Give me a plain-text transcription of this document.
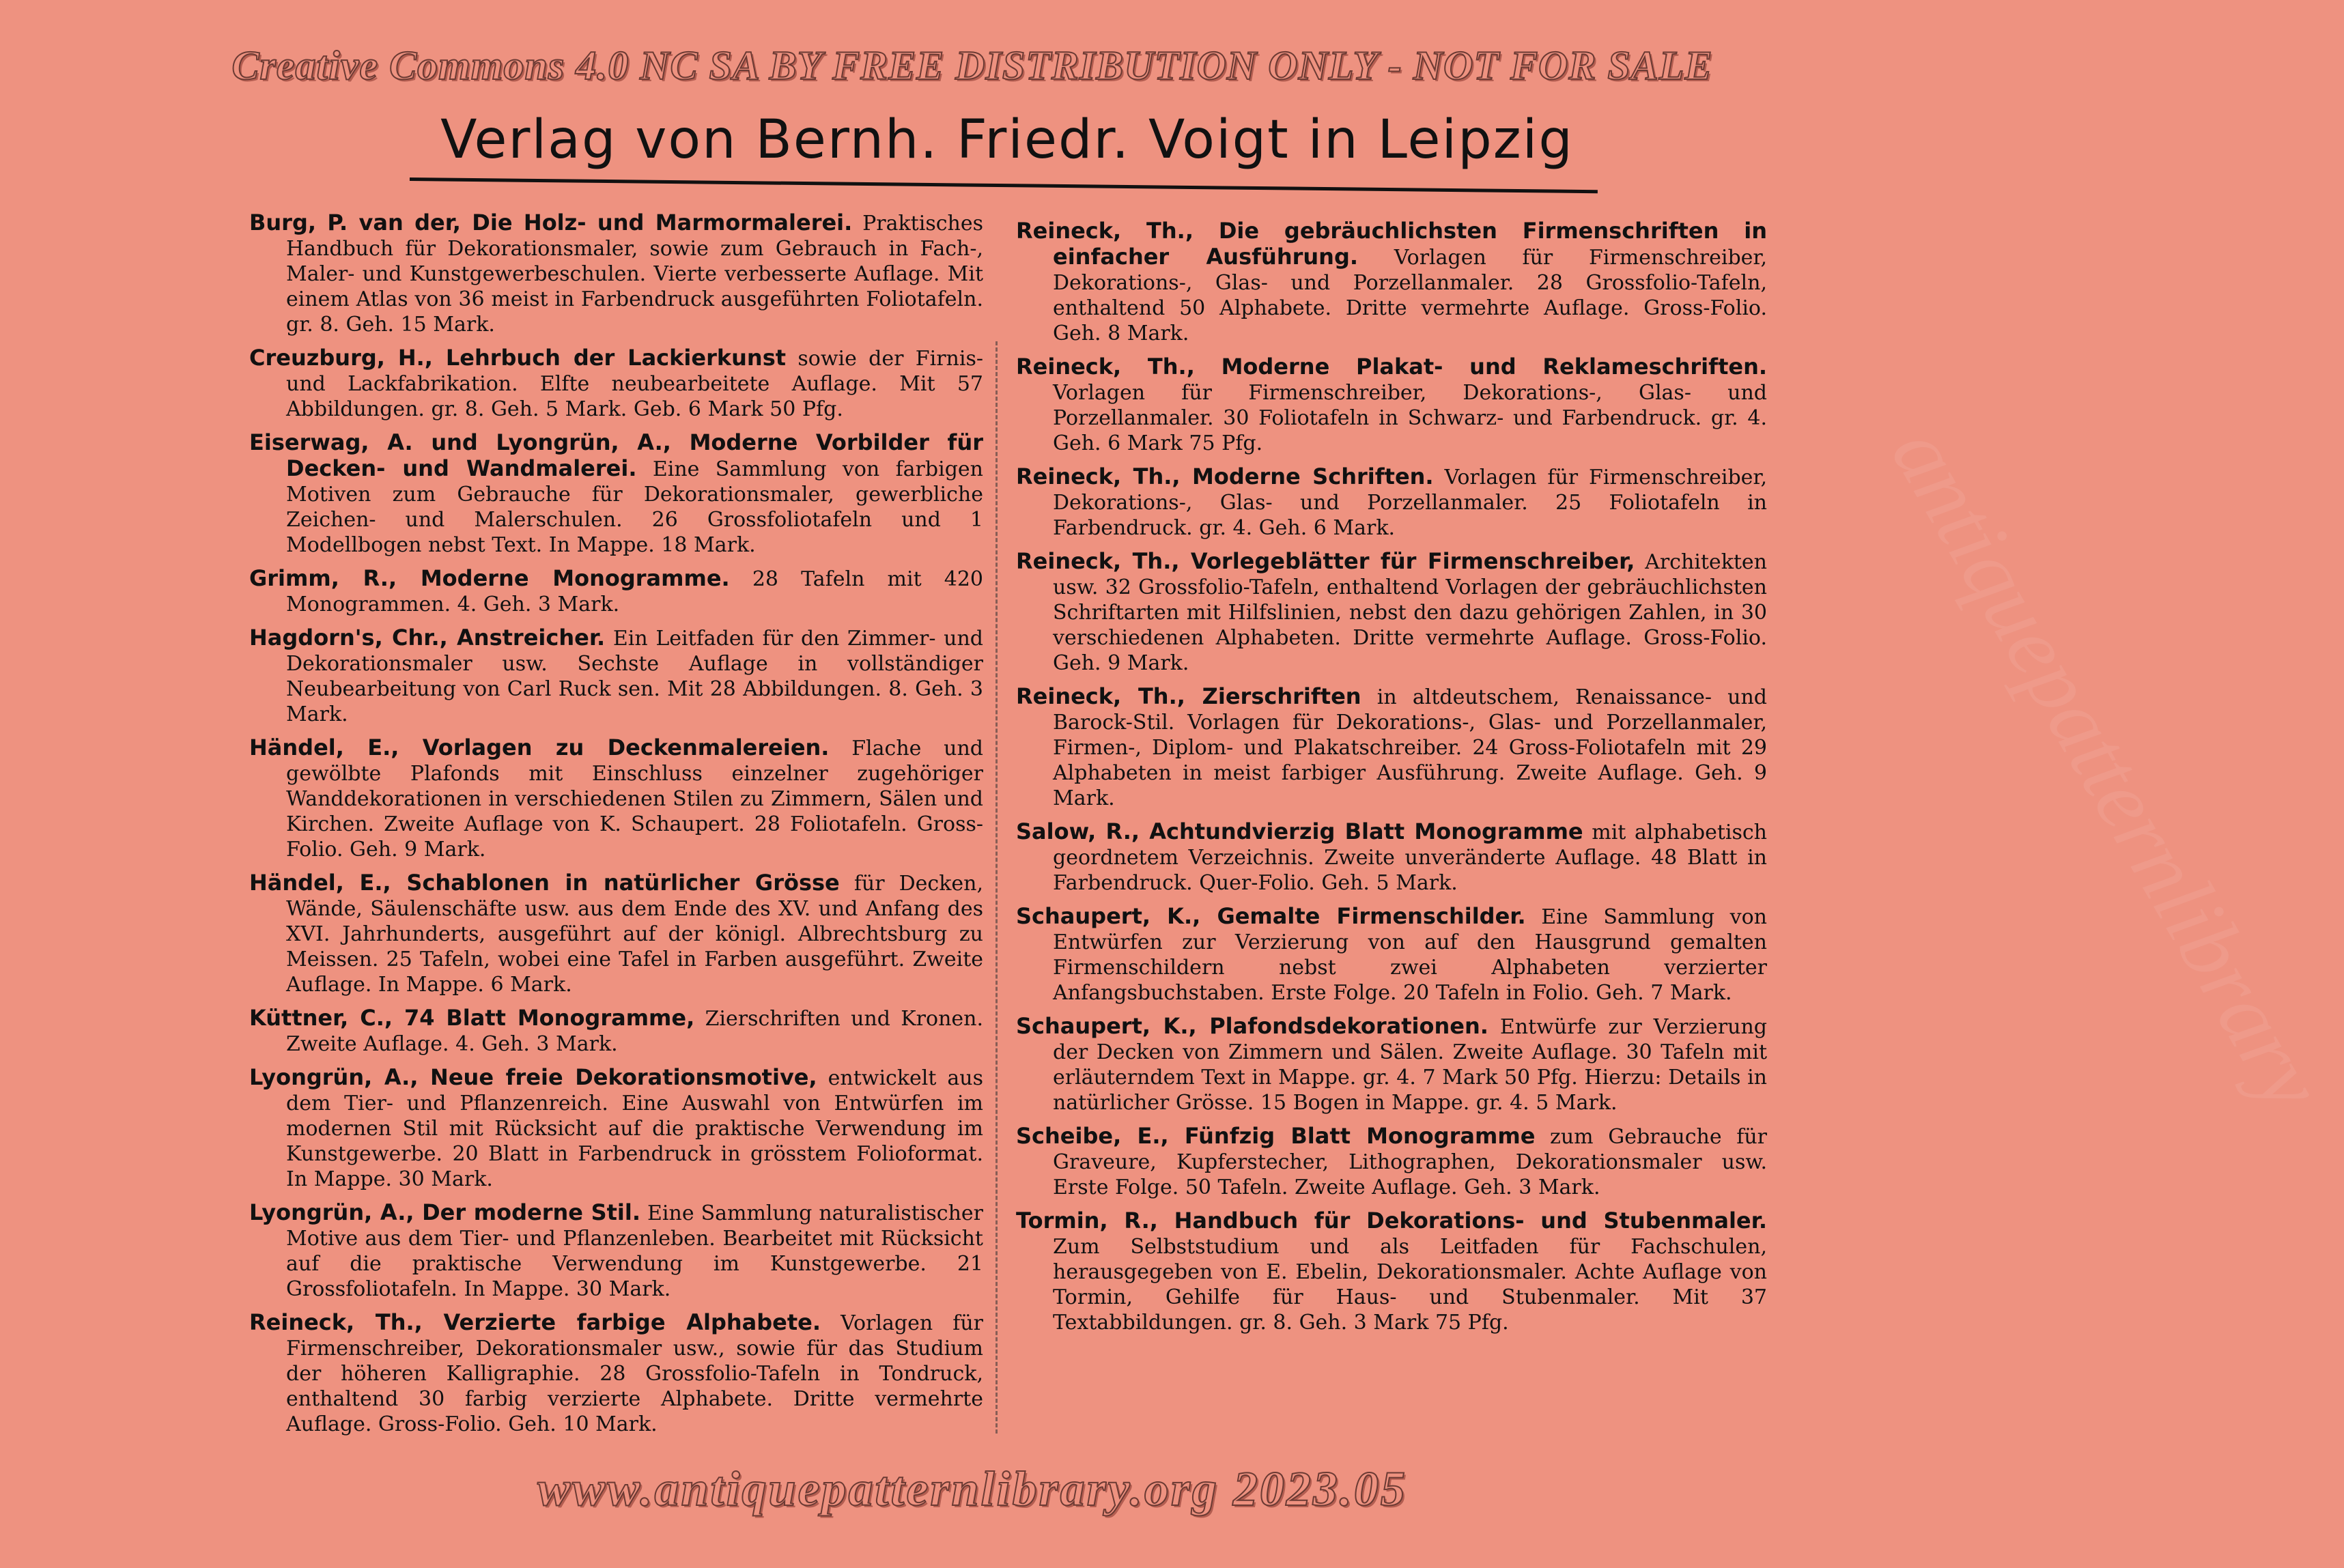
Creative Commons 4.0 NC SA BY FREE DISTRIBUTION ONLY - NOT FOR SALE
antiquepatternlibrary
Verlag von Bernh. Friedr. Voigt in Leipzig

Burg, P. van der, Die Holz- und Marmormalerei. Praktisches Handbuch für Dekorationsmaler, sowie zum Gebrauch in Fach-, Maler- und Kunstgewerbeschulen. Vierte verbesserte Auflage. Mit einem Atlas von 36 meist in Farbendruck ausgeführten Foliotafeln. gr. 8. Geh. 15 Mark.

Creuzburg, H., Lehrbuch der Lackierkunst sowie der Firnis- und Lackfabrikation. Elfte neubearbeitete Auflage. Mit 57 Abbildungen. gr. 8. Geh. 5 Mark. Geb. 6 Mark 50 Pfg.

Eiserwag, A. und Lyongrün, A., Moderne Vorbilder für Decken- und Wandmalerei. Eine Sammlung von farbigen Motiven zum Gebrauche für Dekorationsmaler, gewerbliche Zeichen- und Malerschulen. 26 Grossfoliotafeln und 1 Modellbogen nebst Text. In Mappe. 18 Mark.

Grimm, R., Moderne Monogramme. 28 Tafeln mit 420 Monogrammen. 4. Geh. 3 Mark.

Hagdorn's, Chr., Anstreicher. Ein Leitfaden für den Zimmer- und Dekorationsmaler usw. Sechste Auflage in vollständiger Neubearbeitung von Carl Ruck sen. Mit 28 Abbildungen. 8. Geh. 3 Mark.

Händel, E., Vorlagen zu Deckenmalereien. Flache und gewölbte Plafonds mit Einschluss einzelner zugehöriger Wanddekorationen in verschiedenen Stilen zu Zimmern, Sälen und Kirchen. Zweite Auflage von K. Schaupert. 28 Foliotafeln. Gross-Folio. Geh. 9 Mark.

Händel, E., Schablonen in natürlicher Grösse für Decken, Wände, Säulenschäfte usw. aus dem Ende des XV. und Anfang des XVI. Jahrhunderts, ausgeführt auf der königl. Albrechtsburg zu Meissen. 25 Tafeln, wobei eine Tafel in Farben ausgeführt. Zweite Auflage. In Mappe. 6 Mark.

Küttner, C., 74 Blatt Monogramme, Zierschriften und Kronen. Zweite Auflage. 4. Geh. 3 Mark.

Lyongrün, A., Neue freie Dekorationsmotive, entwickelt aus dem Tier- und Pflanzenreich. Eine Auswahl von Entwürfen im modernen Stil mit Rücksicht auf die praktische Verwendung im Kunstgewerbe. 20 Blatt in Farbendruck in grösstem Folioformat. In Mappe. 30 Mark.

Lyongrün, A., Der moderne Stil. Eine Sammlung naturalistischer Motive aus dem Tier- und Pflanzenleben. Bearbeitet mit Rücksicht auf die praktische Verwendung im Kunstgewerbe. 21 Grossfoliotafeln. In Mappe. 30 Mark.

Reineck, Th., Verzierte farbige Alphabete. Vorlagen für Firmenschreiber, Dekorationsmaler usw., sowie für das Studium der höheren Kalligraphie. 28 Grossfolio-Tafeln in Tondruck, enthaltend 30 farbig verzierte Alphabete. Dritte vermehrte Auflage. Gross-Folio. Geh. 10 Mark.

Reineck, Th., Die gebräuchlichsten Firmenschriften in einfacher Ausführung. Vorlagen für Firmenschreiber, Dekorations-, Glas- und Porzellanmaler. 28 Grossfolio-Tafeln, enthaltend 50 Alphabete. Dritte vermehrte Auflage. Gross-Folio. Geh. 8 Mark.

Reineck, Th., Moderne Plakat- und Reklameschriften. Vorlagen für Firmenschreiber, Dekorations-, Glas- und Porzellanmaler. 30 Foliotafeln in Schwarz- und Farbendruck. gr. 4. Geh. 6 Mark 75 Pfg.

Reineck, Th., Moderne Schriften. Vorlagen für Firmenschreiber, Dekorations-, Glas- und Porzellanmaler. 25 Foliotafeln in Farbendruck. gr. 4. Geh. 6 Mark.

Reineck, Th., Vorlegeblätter für Firmenschreiber, Architekten usw. 32 Grossfolio-Tafeln, enthaltend Vorlagen der gebräuchlichsten Schriftarten mit Hilfslinien, nebst den dazu gehörigen Zahlen, in 30 verschiedenen Alphabeten. Dritte vermehrte Auflage. Gross-Folio. Geh. 9 Mark.

Reineck, Th., Zierschriften in altdeutschem, Renaissance- und Barock-Stil. Vorlagen für Dekorations-, Glas- und Porzellanmaler, Firmen-, Diplom- und Plakatschreiber. 24 Gross-Foliotafeln mit 29 Alphabeten in meist farbiger Ausführung. Zweite Auflage. Geh. 9 Mark.

Salow, R., Achtundvierzig Blatt Monogramme mit alphabetisch geordnetem Verzeichnis. Zweite unveränderte Auflage. 48 Blatt in Farbendruck. Quer-Folio. Geh. 5 Mark.

Schaupert, K., Gemalte Firmenschilder. Eine Sammlung von Entwürfen zur Verzierung von auf den Hausgrund gemalten Firmenschildern nebst zwei Alphabeten verzierter Anfangsbuchstaben. Erste Folge. 20 Tafeln in Folio. Geh. 7 Mark.

Schaupert, K., Plafondsdekorationen. Entwürfe zur Verzierung der Decken von Zimmern und Sälen. Zweite Auflage. 30 Tafeln mit erläuterndem Text in Mappe. gr. 4. 7 Mark 50 Pfg. Hierzu: Details in natürlicher Grösse. 15 Bogen in Mappe. gr. 4. 5 Mark.

Scheibe, E., Fünfzig Blatt Monogramme zum Gebrauche für Graveure, Kupferstecher, Lithographen, Dekorationsmaler usw. Erste Folge. 50 Tafeln. Zweite Auflage. Geh. 3 Mark.

Tormin, R., Handbuch für Dekorations- und Stubenmaler. Zum Selbststudium und als Leitfaden für Fachschulen, herausgegeben von E. Ebelin, Dekorationsmaler. Achte Auflage von Tormin, Gehilfe für Haus- und Stubenmaler. Mit 37 Textabbildungen. gr. 8. Geh. 3 Mark 75 Pfg.

www.antiquepatternlibrary.org 2023.05
